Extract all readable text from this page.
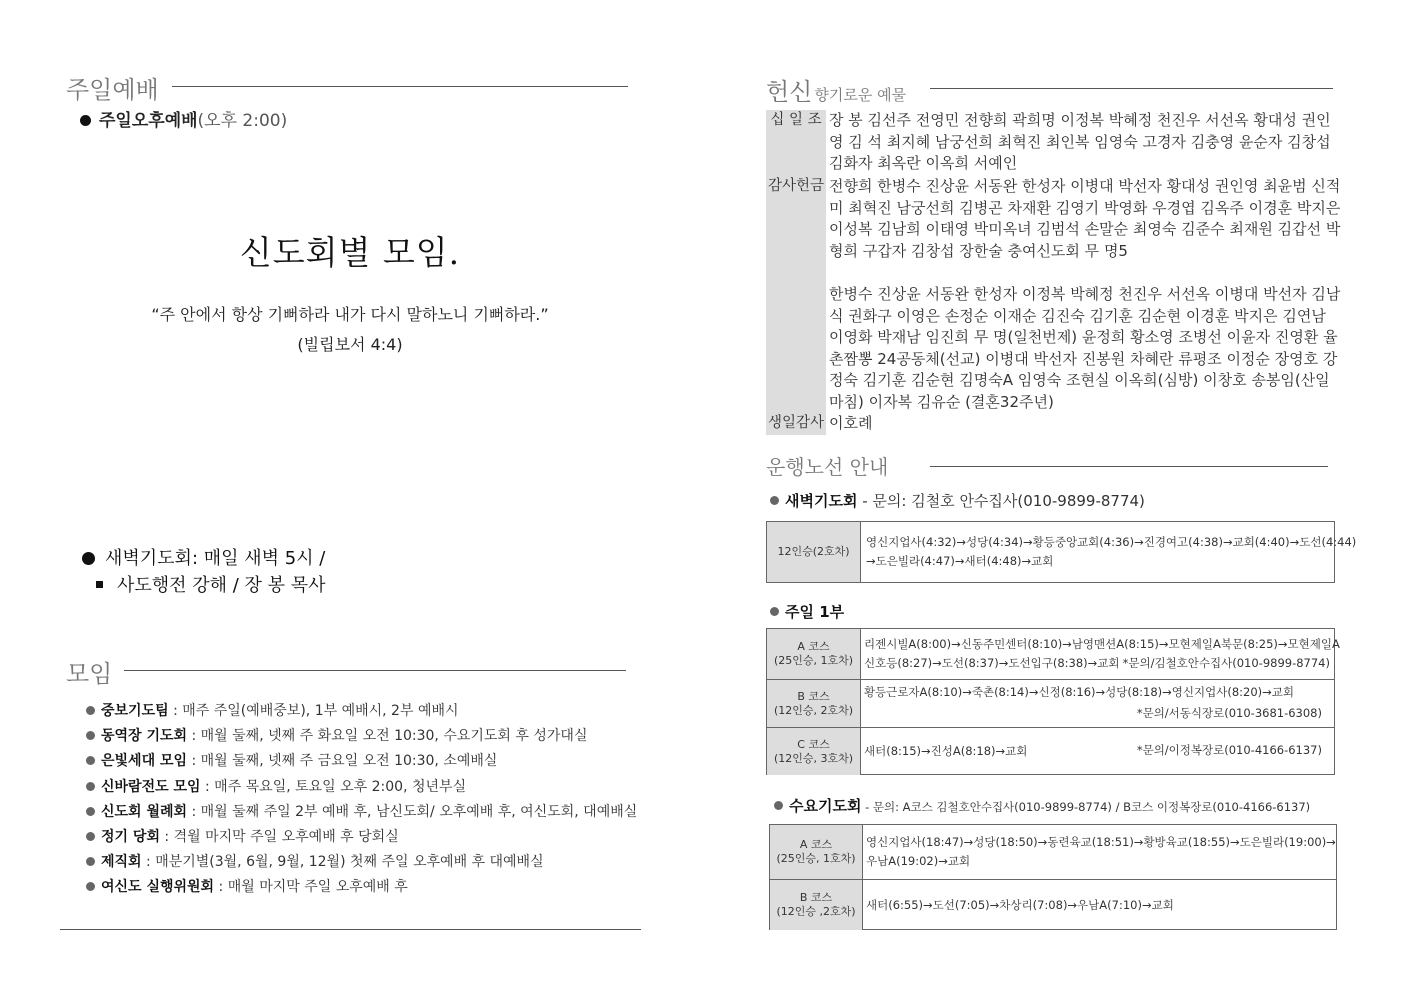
주일예배
주일오후예배(오후 2:00)
신도회별 모임.
“주 안에서 항상 기뻐하라 내가 다시 말하노니 기뻐하라.”
(빌립보서 4:4)
새벽기도회: 매일 새벽 5시 /
사도행전 강해 / 장 봉 목사
모임
중보기도팀 : 매주 주일(예배중보), 1부 예배시, 2부 예배시
동역장 기도회 : 매월 둘째, 넷째 주 화요일 오전 10:30, 수요기도회 후 성가대실
은빛세대 모임 : 매월 둘째, 넷째 주 금요일 오전 10:30, 소예배실
신바람전도 모임 : 매주 목요일, 토요일 오후 2:00, 청년부실
신도회 월례회 : 매월 둘째 주일 2부 예배 후, 남신도회/ 오후예배 후, 여신도회, 대예배실
정기 당회 : 격월 마지막 주일 오후예배 후 당회실
제직회 : 매분기별(3월, 6월, 9월, 12월) 첫째 주일 오후예배 후 대예배실
여신도 실행위원회 : 매월 마지막 주일 오후예배 후
헌신 향기로운 예물
십 일 조 장 봉 김선주 전영민 전향희 곽희명 이정복 박혜정 천진우 서선옥 황대성 권인영 김 석 최지혜 남궁선희 최혁진 최인복 임영숙 고경자 김충영 윤순자 김창섭 김화자 최옥란 이옥희 서예인
감사헌금 전향희 한병수 진상윤 서동완 한성자 이병대 박선자 황대성 권인영 최윤범 신적미 최혁진 남궁선희 김병곤 차재환 김영기 박영화 우경엽 김옥주 이경훈 박지은 이성복 김남희 이태영 박미옥녀 김범석 손말순 최영숙 김준수 최재원 김갑선 박형희 구갑자 김창섭 장한술 충여신도회 무 명5
한병수 진상윤 서동완 한성자 이정복 박혜정 천진우 서선옥 이병대 박선자 김남식 권화구 이영은 손정순 이재순 김진숙 김기훈 김순현 이경훈 박지은 김연남 이영화 박재남 임진희 무 명(일천번제) 윤정희 황소영 조병선 이윤자 진영환 율촌짬뽕 24공동체(선교) 이병대 박선자 진봉원 차혜란 류평조 이정순 장영호 강정숙 김기훈 김순현 김명숙A 임영숙 조현실 이옥희(심방) 이창호 송봉임(산일마침) 이자복 김유순 (결혼32주년)
생일감사 이호례
운행노선 안내
새벽기도회 - 문의: 김철호 안수집사(010-9899-8774)
12인승(2호차)
영신지업사(4:32)→성당(4:34)→황등중앙교회(4:36)→진경여고(4:38)→교회(4:40)→도선(4:44)
→도은빌라(4:47)→새터(4:48)→교회
주일 1부
A 코스
(25인승, 1호차)
리젠시빌A(8:00)→신동주민센터(8:10)→남영맨션A(8:15)→모현제일A북문(8:25)→모현제일A
신호등(8:27)→도선(8:37)→도선입구(8:38)→교회 *문의/김철호안수집사(010-9899-8774)
B 코스
(12인승, 2호차)
황등근로자A(8:10)→죽촌(8:14)→신정(8:16)→성당(8:18)→영신지업사(8:20)→교회
*문의/서동식장로(010-3681-6308)
C 코스
(12인승, 3호차) 새터(8:15)→진성A(8:18)→교회	*문의/이정복장로(010-4166-6137)
수요기도회 - 문의: A코스 김철호안수집사(010-9899-8774) / B코스 이정복장로(010-4166-6137)
A 코스
(25인승, 1호차)
영신지업사(18:47)→성당(18:50)→동련육교(18:51)→황방육교(18:55)→도은빌라(19:00)→
우남A(19:02)→교회
B 코스
(12인승 ,2호차) 새터(6:55)→도선(7:05)→차상리(7:08)→우남A(7:10)→교회
